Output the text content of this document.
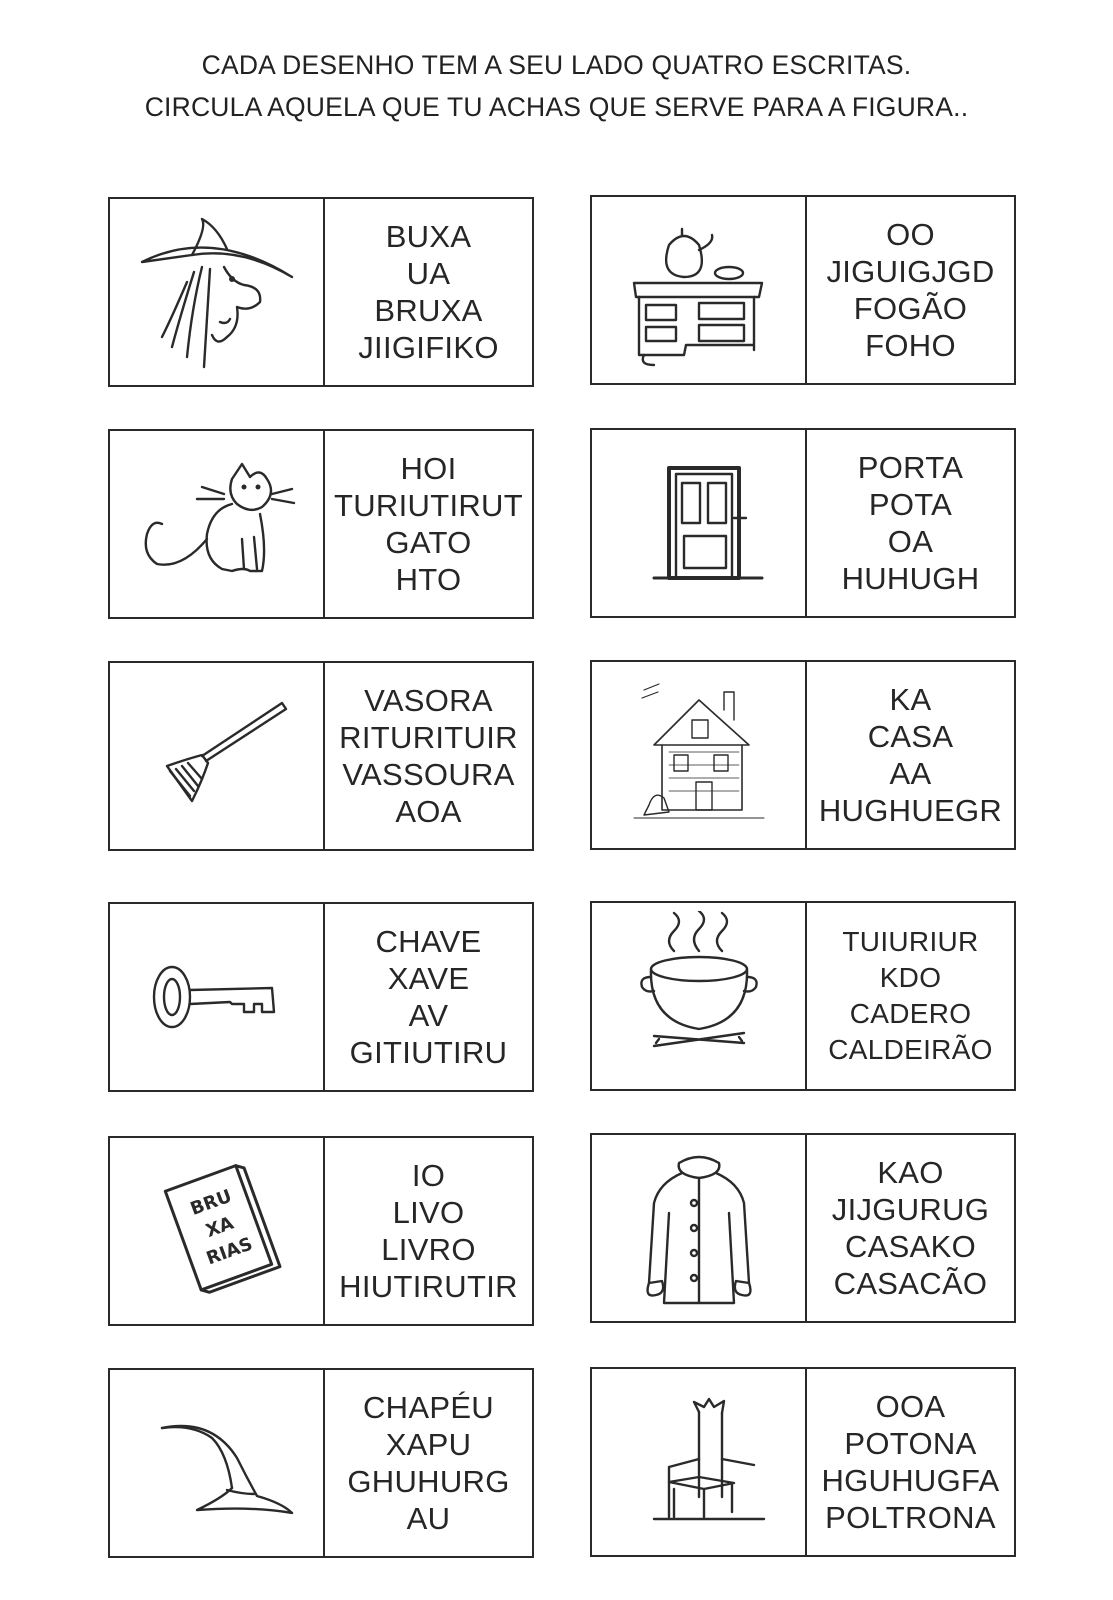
CADA DESENHO TEM A SEU LADO QUATRO ESCRITAS.
CIRCULA AQUELA QUE TU ACHAS QUE SERVE PARA A FIGURA..
BUXA
UA
BRUXA
JIIGIFIKO
OO
JIGUIGJGD
FOGÃO
FOHO
HOI
TURIUTIRUT
GATO
HTO
PORTA
POTA
OA
HUHUGH
VASORA
RITURITUIR
VASSOURA
AOA
KA
CASA
AA
HUGHUEGR
CHAVE
XAVE
AV
GITIUTIRU
TUIURIUR
KDO
CADERO
CALDEIRÃO
BRU
XA
RIAS
IO
LIVO
LIVRO
HIUTIRUTIR
KAO
JIJGURUG
CASAKO
CASACÃO
CHAPÉU
XAPU
GHUHURG
AU
OOA
POTONA
HGUHUGFA
POLTRONA
